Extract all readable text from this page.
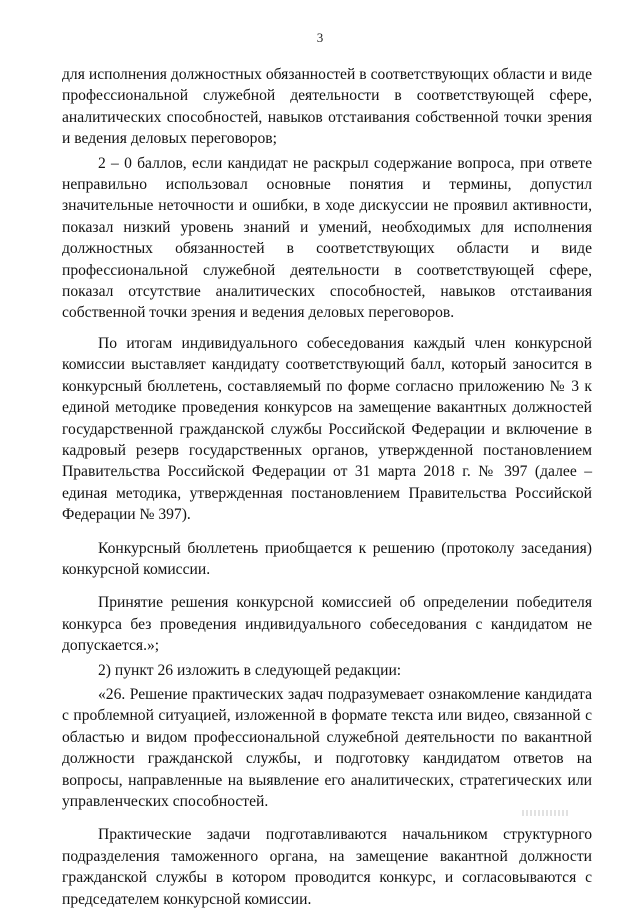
3

для исполнения должностных обязанностей в соответствующих области и виде профессиональной служебной деятельности в соответствующей сфере, аналитических способностей, навыков отстаивания собственной точки зрения и ведения деловых переговоров;

2 – 0 баллов, если кандидат не раскрыл содержание вопроса, при ответе неправильно использовал основные понятия и термины, допустил значительные неточности и ошибки, в ходе дискуссии не проявил активности, показал низкий уровень знаний и умений, необходимых для исполнения должностных обязанностей в соответствующих области и виде профессиональной служебной деятельности в соответствующей сфере, показал отсутствие аналитических способностей, навыков отстаивания собственной точки зрения и ведения деловых переговоров.

По итогам индивидуального собеседования каждый член конкурсной комиссии выставляет кандидату соответствующий балл, который заносится в конкурсный бюллетень, составляемый по форме согласно приложению № 3 к единой методике проведения конкурсов на замещение вакантных должностей государственной гражданской службы Российской Федерации и включение в кадровый резерв государственных органов, утвержденной постановлением Правительства Российской Федерации от 31 марта 2018 г. № 397 (далее – единая методика, утвержденная постановлением Правительства Российской Федерации № 397).

Конкурсный бюллетень приобщается к решению (протоколу заседания) конкурсной комиссии.

Принятие решения конкурсной комиссией об определении победителя конкурса без проведения индивидуального собеседования с кандидатом не допускается.»;

2) пункт 26 изложить в следующей редакции:

«26. Решение практических задач подразумевает ознакомление кандидата с проблемной ситуацией, изложенной в формате текста или видео, связанной с областью и видом профессиональной служебной деятельности по вакантной должности гражданской службы, и подготовку кандидатом ответов на вопросы, направленные на выявление его аналитических, стратегических или управленческих способностей.

Практические задачи подготавливаются начальником структурного подразделения таможенного органа, на замещение вакантной должности гражданской службы в котором проводится конкурс, и согласовываются с председателем конкурсной комиссии.
